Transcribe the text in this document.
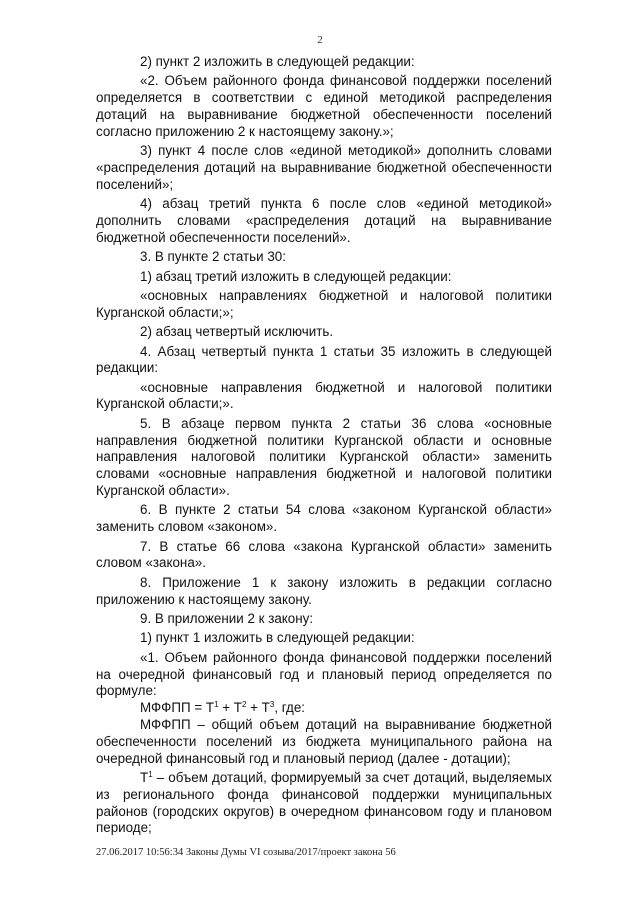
2

2) пункт 2 изложить в следующей редакции:

«2. Объем районного фонда финансовой поддержки поселений определяется в соответствии с единой методикой распределения дотаций на выравнивание бюджетной обеспеченности поселений согласно приложению 2 к настоящему закону.»;

3) пункт 4 после слов «единой методикой» дополнить словами «распределения дотаций на выравнивание бюджетной обеспеченности поселений»;

4) абзац третий пункта 6 после слов «единой методикой» дополнить словами «распределения дотаций на выравнивание бюджетной обеспеченности поселений».

3. В пункте 2 статьи 30:

1) абзац третий изложить в следующей редакции:

«основных направлениях бюджетной и налоговой политики Курганской области;»;

2) абзац четвертый исключить.

4. Абзац четвертый пункта 1 статьи 35 изложить в следующей редакции:

«основные направления бюджетной и налоговой политики Курганской области;».

5. В абзаце первом пункта 2 статьи 36 слова «основные направления бюджетной политики Курганской области и основные направления налоговой политики Курганской области» заменить словами «основные направления бюджетной и налоговой политики Курганской области».

6. В пункте 2 статьи 54 слова «законом Курганской области» заменить словом «законом».

7. В статье 66 слова «закона Курганской области» заменить словом «закона».

8. Приложение 1 к закону изложить в редакции согласно приложению к настоящему закону.

9. В приложении 2 к закону:

1) пункт 1 изложить в следующей редакции:

«1. Объем районного фонда финансовой поддержки поселений на очередной финансовый год и плановый период определяется по формуле:

МФФПП = $Т^1 + Т^2 + Т^3$, где:

МФФПП – общий объем дотаций на выравнивание бюджетной обеспеченности поселений из бюджета муниципального района на очередной финансовый год и плановый период (далее - дотации);

$Т^1$ – объем дотаций, формируемый за счет дотаций, выделяемых из регионального фонда финансовой поддержки муниципальных районов (городских округов) в очередном финансовом году и плановом периоде;

27.06.2017 10:56:34 Законы Думы VI созыва/2017/проект закона 56
